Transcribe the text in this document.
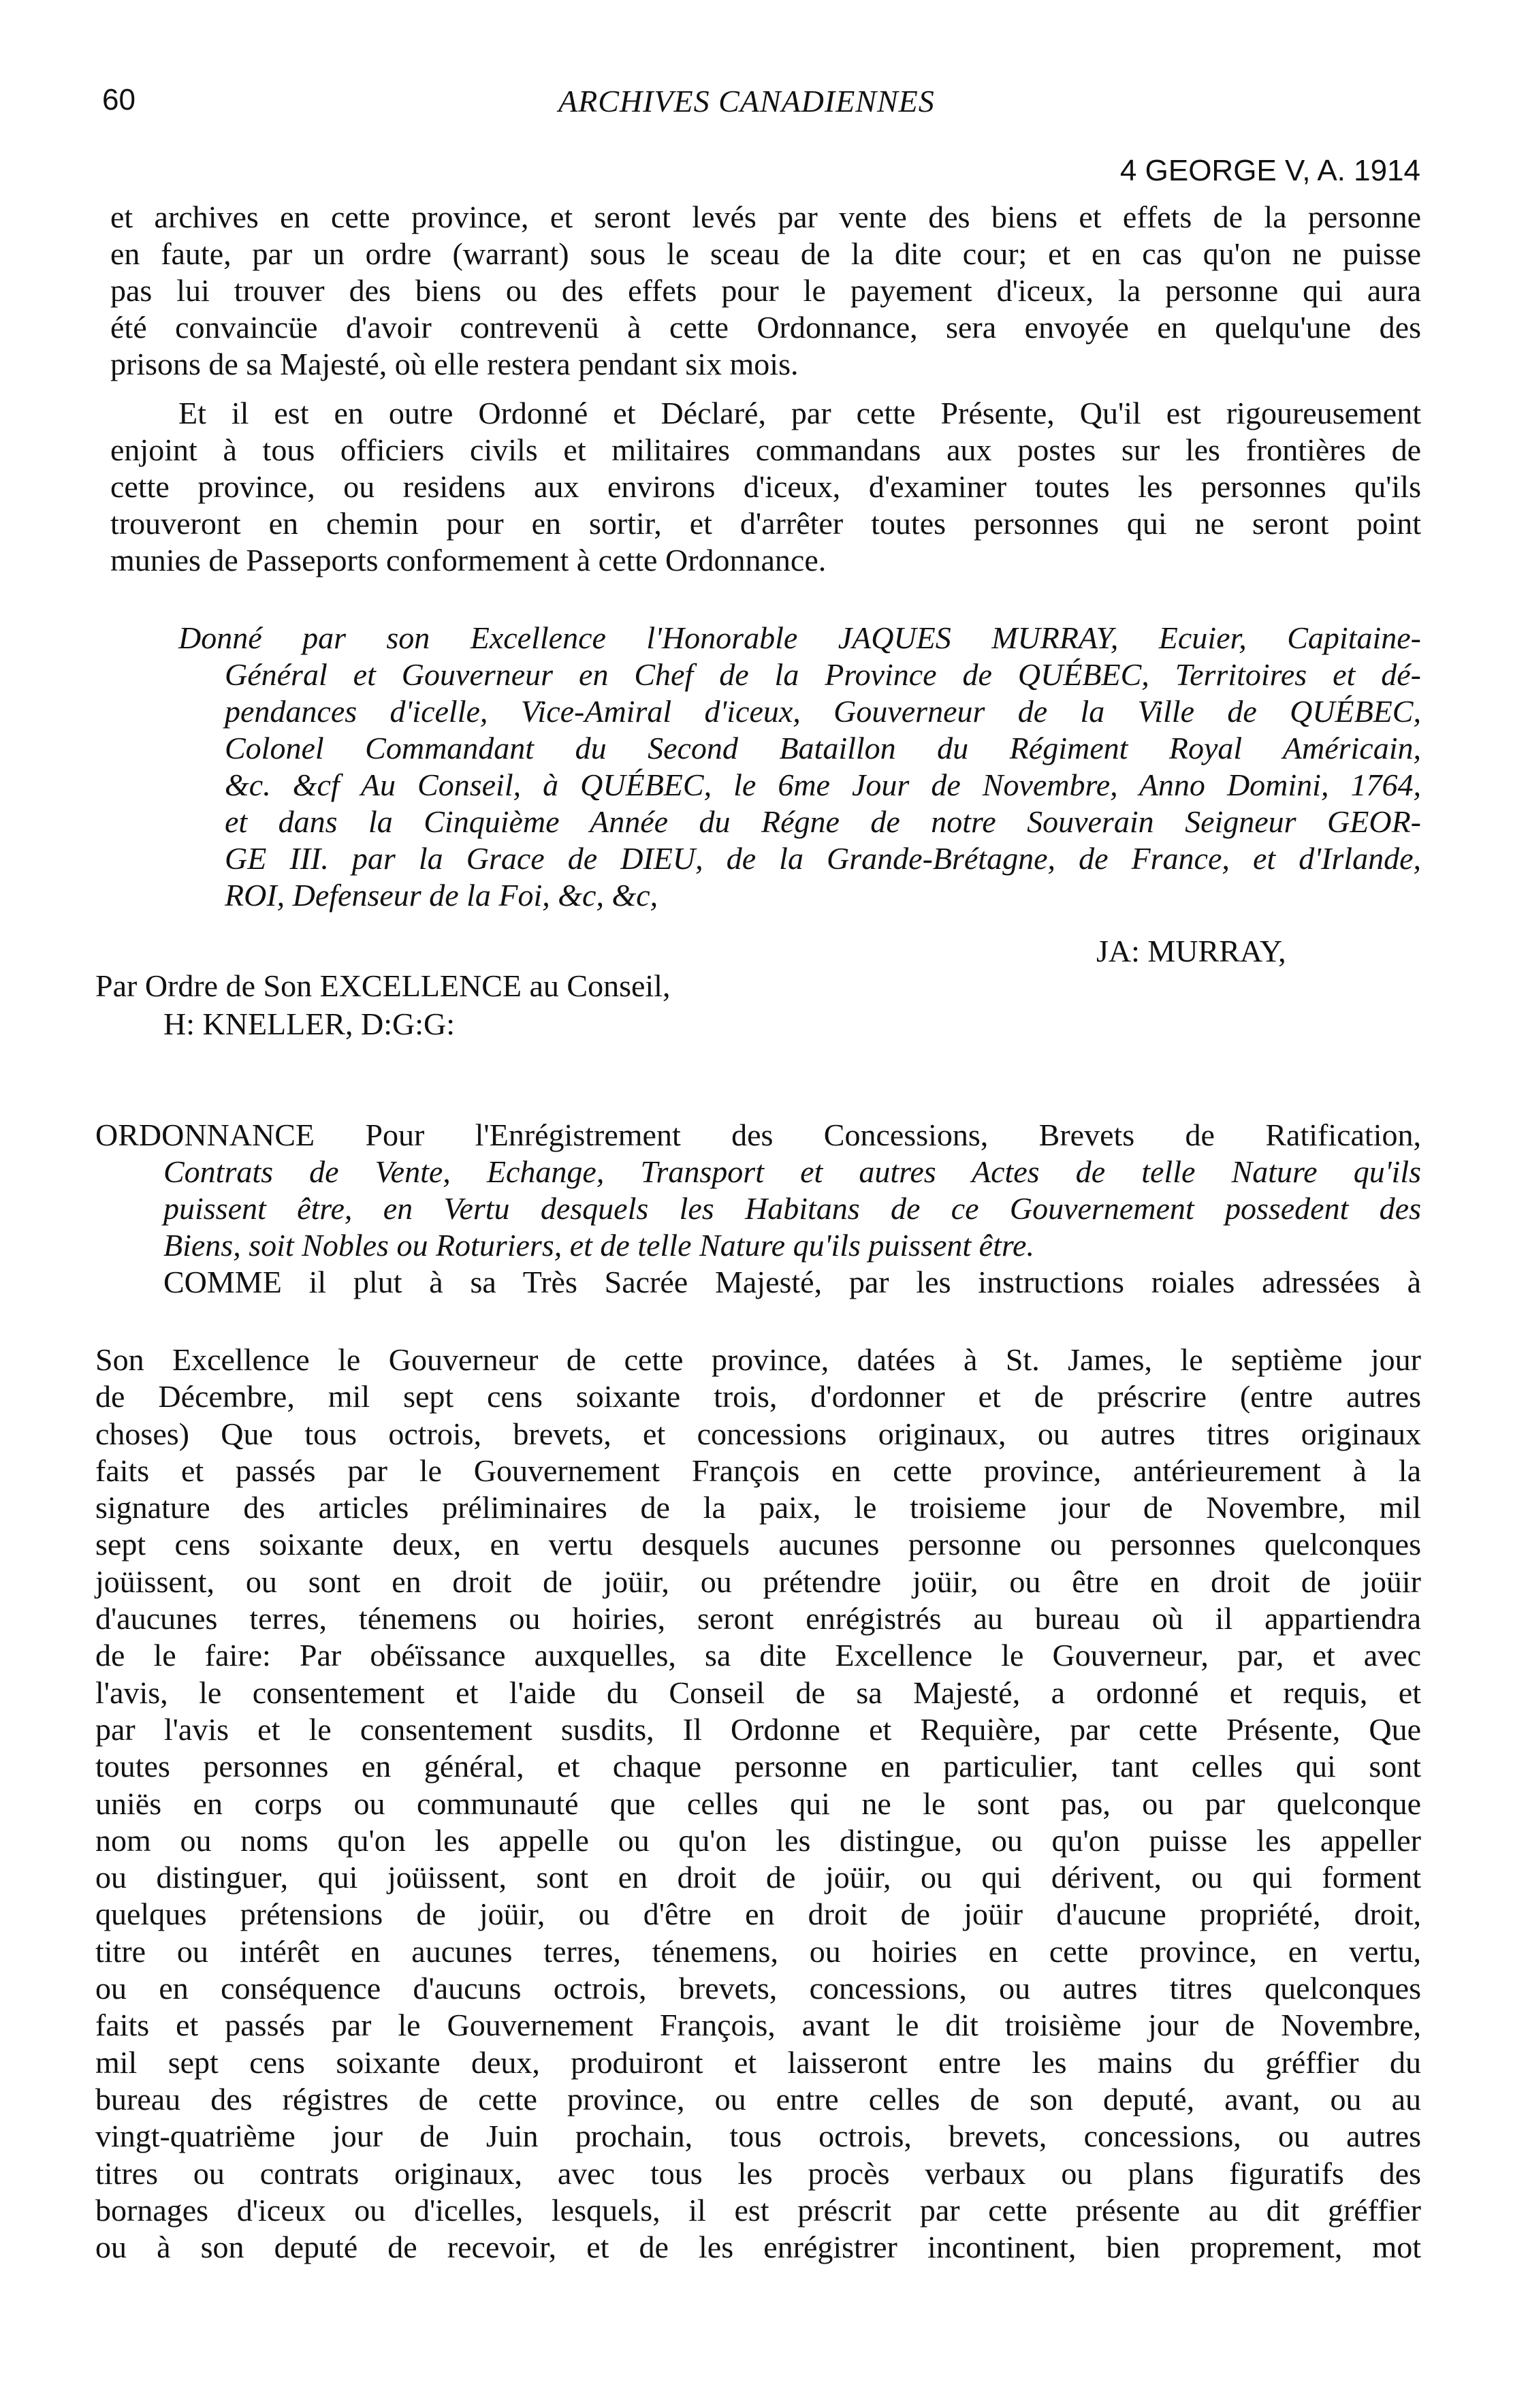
60	ARCHIVES CANADIENNES
4 GEORGE V, A. 1914
et archives en cette province, et seront levés par vente des biens et effets de la personne
en faute, par un ordre (warrant) sous le sceau de la dite cour; et en cas qu'on ne puisse
pas lui trouver des biens ou des effets pour le payement d'iceux, la personne qui aura
été convaincüe d'avoir contrevenü à cette Ordonnance, sera envoyée en quelqu'une des
prisons de sa Majesté, où elle restera pendant six mois.
Et il est en outre Ordonné et Déclaré, par cette Présente, Qu'il est rigoureusement
enjoint à tous officiers civils et militaires commandans aux postes sur les frontières de
cette province, ou residens aux environs d'iceux, d'examiner toutes les personnes qu'ils
trouveront en chemin pour en sortir, et d'arrêter toutes personnes qui ne seront point
munies de Passeports conformement à cette Ordonnance.
Donné par son Excellence l'Honorable JAQUES MURRAY, Ecuier, Capitaine-
Général et Gouverneur en Chef de la Province de QUÉBEC, Territoires et dé-
pendances d'icelle, Vice-Amiral d'iceux, Gouverneur de la Ville de QUÉBEC,
Colonel Commandant du Second Bataillon du Régiment Royal Américain,
&c. &cf Au Conseil, à QUÉBEC, le 6me Jour de Novembre, Anno Domini, 1764,
et dans la Cinquième Année du Régne de notre Souverain Seigneur GEOR-
GE III. par la Grace de DIEU, de la Grande-Brétagne, de France, et d'Irlande,
ROI, Defenseur de la Foi, &c, &c,
JA: MURRAY,
Par Ordre de Son EXCELLENCE au Conseil,
H: KNELLER, D:G:G:
ORDONNANCE Pour l'Enrégistrement des Concessions, Brevets de Ratification,
Contrats de Vente, Echange, Transport et autres Actes de telle Nature qu'ils
puissent être, en Vertu desquels les Habitans de ce Gouvernement possedent des
Biens, soit Nobles ou Roturiers, et de telle Nature qu'ils puissent être.
COMME il plut à sa Très Sacrée Majesté, par les instructions roiales adressées à
Son Excellence le Gouverneur de cette province, datées à St. James, le septième jour
de Décembre, mil sept cens soixante trois, d'ordonner et de préscrire (entre autres
choses) Que tous octrois, brevets, et concessions originaux, ou autres titres originaux
faits et passés par le Gouvernement François en cette province, antérieurement à la
signature des articles préliminaires de la paix, le troisieme jour de Novembre, mil
sept cens soixante deux, en vertu desquels aucunes personne ou personnes quelconques
joüissent, ou sont en droit de joüir, ou prétendre joüir, ou être en droit de joüir
d'aucunes terres, ténemens ou hoiries, seront enrégistrés au bureau où il appartiendra
de le faire: Par obéïssance auxquelles, sa dite Excellence le Gouverneur, par, et avec
l'avis, le consentement et l'aide du Conseil de sa Majesté, a ordonné et requis, et
par l'avis et le consentement susdits, Il Ordonne et Requière, par cette Présente, Que
toutes personnes en général, et chaque personne en particulier, tant celles qui sont
uniës en corps ou communauté que celles qui ne le sont pas, ou par quelconque
nom ou noms qu'on les appelle ou qu'on les distingue, ou qu'on puisse les appeller
ou distinguer, qui joüissent, sont en droit de joüir, ou qui dérivent, ou qui forment
quelques prétensions de joüir, ou d'être en droit de joüir d'aucune propriété, droit,
titre ou intérêt en aucunes terres, ténemens, ou hoiries en cette province, en vertu,
ou en conséquence d'aucuns octrois, brevets, concessions, ou autres titres quelconques
faits et passés par le Gouvernement François, avant le dit troisième jour de Novembre,
mil sept cens soixante deux, produiront et laisseront entre les mains du gréffier du
bureau des régistres de cette province, ou entre celles de son deputé, avant, ou au
vingt-quatrième jour de Juin prochain, tous octrois, brevets, concessions, ou autres
titres ou contrats originaux, avec tous les procès verbaux ou plans figuratifs des
bornages d'iceux ou d'icelles, lesquels, il est préscrit par cette présente au dit gréffier
ou à son deputé de recevoir, et de les enrégistrer incontinent, bien proprement, mot
